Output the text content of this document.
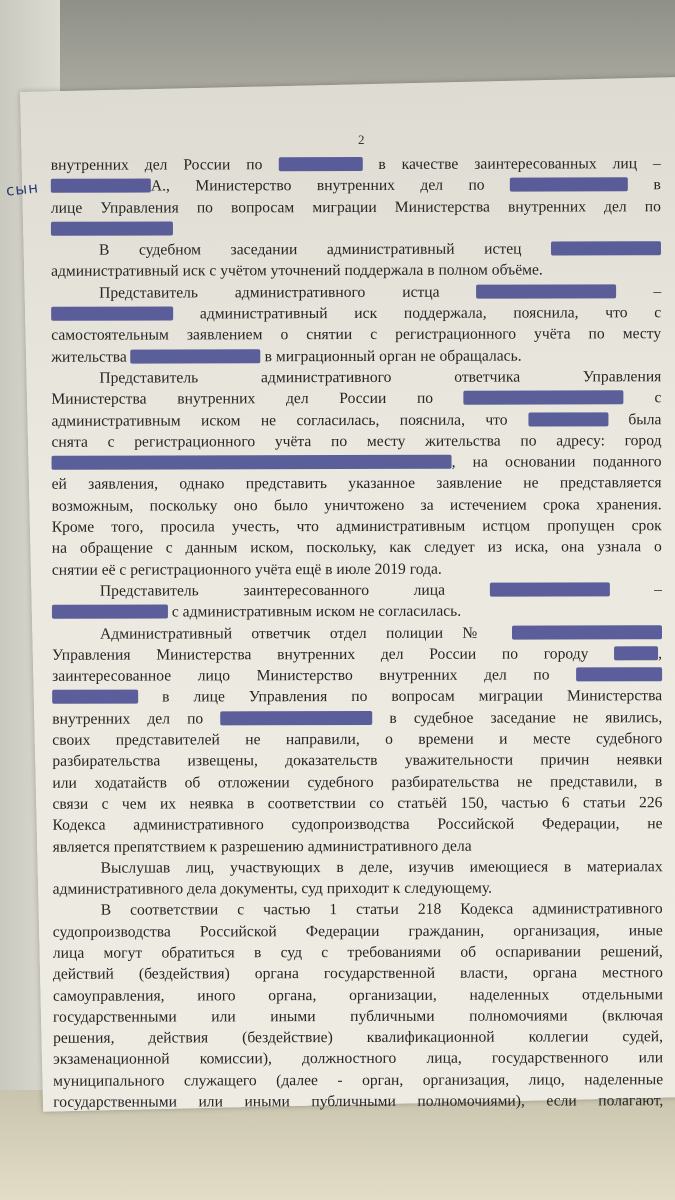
2
сын
внутренних дел России по	в качестве заинтересованных лиц –
А., Министерство внутренних дел по	в
лице Управления по вопросам миграции Министерства внутренних дел по
В судебном заседании административный истец
административный иск с учётом уточнений поддержала в полном объёме.
Представитель административного истца	–
административный иск поддержала, пояснила, что с
самостоятельным заявлением о снятии с регистрационного учёта по месту
жительства	в миграционный орган не обращалась.
Представитель административного ответчика Управления
Министерства внутренних дел России по	с
административным иском не согласилась, пояснила, что	была
снята с регистрационного учёта по месту жительства по адресу: город
, на основании поданного
ей заявления, однако представить указанное заявление не представляется
возможным, поскольку оно было уничтожено за истечением срока хранения.
Кроме того, просила учесть, что административным истцом пропущен срок
на обращение с данным иском, поскольку, как следует из иска, она узнала о
снятии её с регистрационного учёта ещё в июле 2019 года.
Представитель заинтересованного лица	–
с административным иском не согласилась.
Административный ответчик отдел полиции №
Управления Министерства внутренних дел России по городу	,
заинтересованное лицо Министерство внутренних дел по
в лице Управления по вопросам миграции Министерства
внутренних дел по	в судебное заседание не явились,
своих представителей не направили, о времени и месте судебного
разбирательства извещены, доказательств уважительности причин неявки
или ходатайств об отложении судебного разбирательства не представили, в
связи с чем их неявка в соответствии со статьёй 150, частью 6 статьи 226
Кодекса административного судопроизводства Российской Федерации, не
является препятствием к разрешению административного дела
Выслушав лиц, участвующих в деле, изучив имеющиеся в материалах
административного дела документы, суд приходит к следующему.
В соответствии с частью 1 статьи 218 Кодекса административного
судопроизводства Российской Федерации гражданин, организация, иные
лица могут обратиться в суд с требованиями об оспаривании решений,
действий (бездействия) органа государственной власти, органа местного
самоуправления, иного органа, организации, наделенных отдельными
государственными или иными публичными полномочиями (включая
решения, действия (бездействие) квалификационной коллегии судей,
экзаменационной комиссии), должностного лица, государственного или
муниципального служащего (далее - орган, организация, лицо, наделенные
государственными или иными публичными полномочиями), если полагают,
